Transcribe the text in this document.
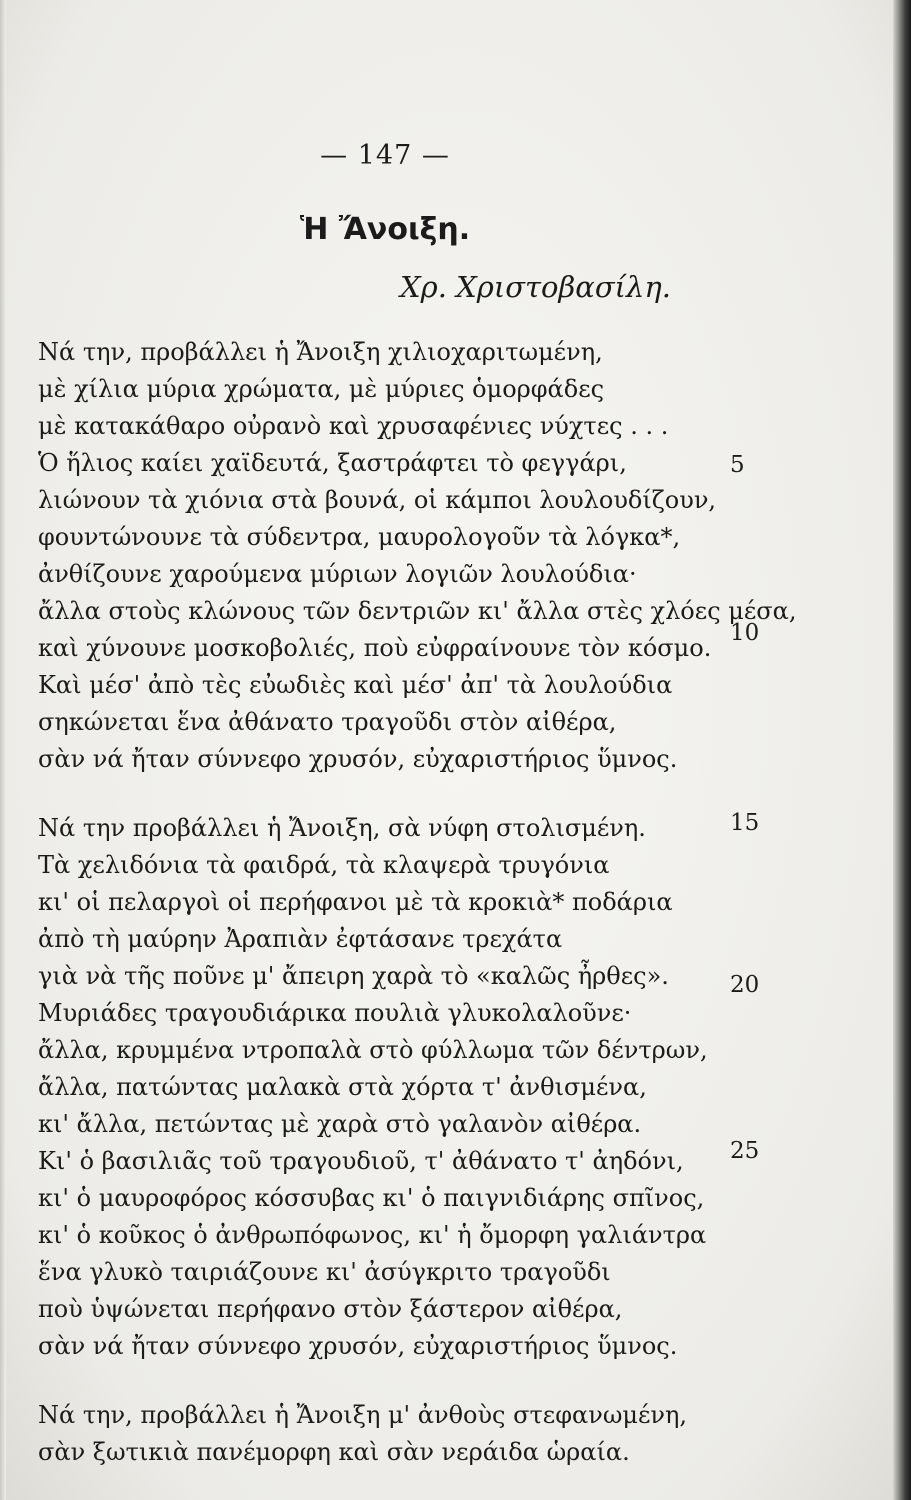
— 147 —
Ἡ Ἄνοιξη.
Χρ. Χριστοβασίλη.
Νά την, προβάλλει ἡ Ἄνοιξη χιλιοχαριτωμένη,
μὲ χίλια μύρια χρώματα, μὲ μύριες ὁμορφάδες
μὲ κατακάθαρο οὐρανὸ καὶ χρυσαφένιες νύχτες . . .
Ὁ ἥλιος καίει χαϊδευτά, ξαστράφτει τὸ φεγγάρι,
λιώνουν τὰ χιόνια στὰ βουνά, οἱ κάμποι λουλουδίζουν,
φουντώνουνε τὰ σύδεντρα, μαυρολογοῦν τὰ λόγκα*,
ἀνθίζουνε χαρούμενα μύριων λογιῶν λουλούδια·
ἄλλα στοὺς κλώνους τῶν δεντριῶν κι' ἄλλα στὲς χλόες μέσα,
καὶ χύνουνε μοσκοβολιές, ποὺ εὐφραίνουνε τὸν κόσμο.
Καὶ μέσ' ἀπὸ τὲς εὐωδιὲς καὶ μέσ' ἀπ' τὰ λουλούδια
σηκώνεται ἕνα ἀθάνατο τραγοῦδι στὸν αἰθέρα,
σὰν νά ἤταν σύννεφο χρυσόν, εὐχαριστήριος ὕμνος.
Νά την προβάλλει ἡ Ἄνοιξη, σὰ νύφη στολισμένη.
Τὰ χελιδόνια τὰ φαιδρά, τὰ κλαψερὰ τρυγόνια
κι' οἱ πελαργοὶ οἱ περήφανοι μὲ τὰ κροκιὰ* ποδάρια
ἀπὸ τὴ μαύρην Ἀραπιὰν ἐφτάσανε τρεχάτα
γιὰ νὰ τῆς ποῦνε μ' ἄπειρη χαρὰ τὸ «καλῶς ἦρθες».
Μυριάδες τραγουδιάρικα πουλιὰ γλυκολαλοῦνε·
ἄλλα, κρυμμένα ντροπαλὰ στὸ φύλλωμα τῶν δέντρων,
ἄλλα, πατώντας μαλακὰ στὰ χόρτα τ' ἀνθισμένα,
κι' ἄλλα, πετώντας μὲ χαρὰ στὸ γαλανὸν αἰθέρα.
Κι' ὁ βασιλιᾶς τοῦ τραγουδιοῦ, τ' ἀθάνατο τ' ἀηδόνι,
κι' ὁ μαυροφόρος κόσσυβας κι' ὁ παιγνιδιάρης σπῖνος,
κι' ὁ κοῦκος ὁ ἀνθρωπόφωνος, κι' ἡ ὄμορφη γαλιάντρα
ἕνα γλυκὸ ταιριάζουνε κι' ἀσύγκριτο τραγοῦδι
ποὺ ὑψώνεται περήφανο στὸν ξάστερον αἰθέρα,
σὰν νά ἤταν σύννεφο χρυσόν, εὐχαριστήριος ὕμνος.
Νά την, προβάλλει ἡ Ἄνοιξη μ' ἀνθοὺς στεφανωμένη,
σὰν ξωτικιὰ πανέμορφη καὶ σὰν νεράιδα ὡραία.
5
10
15
20
25
